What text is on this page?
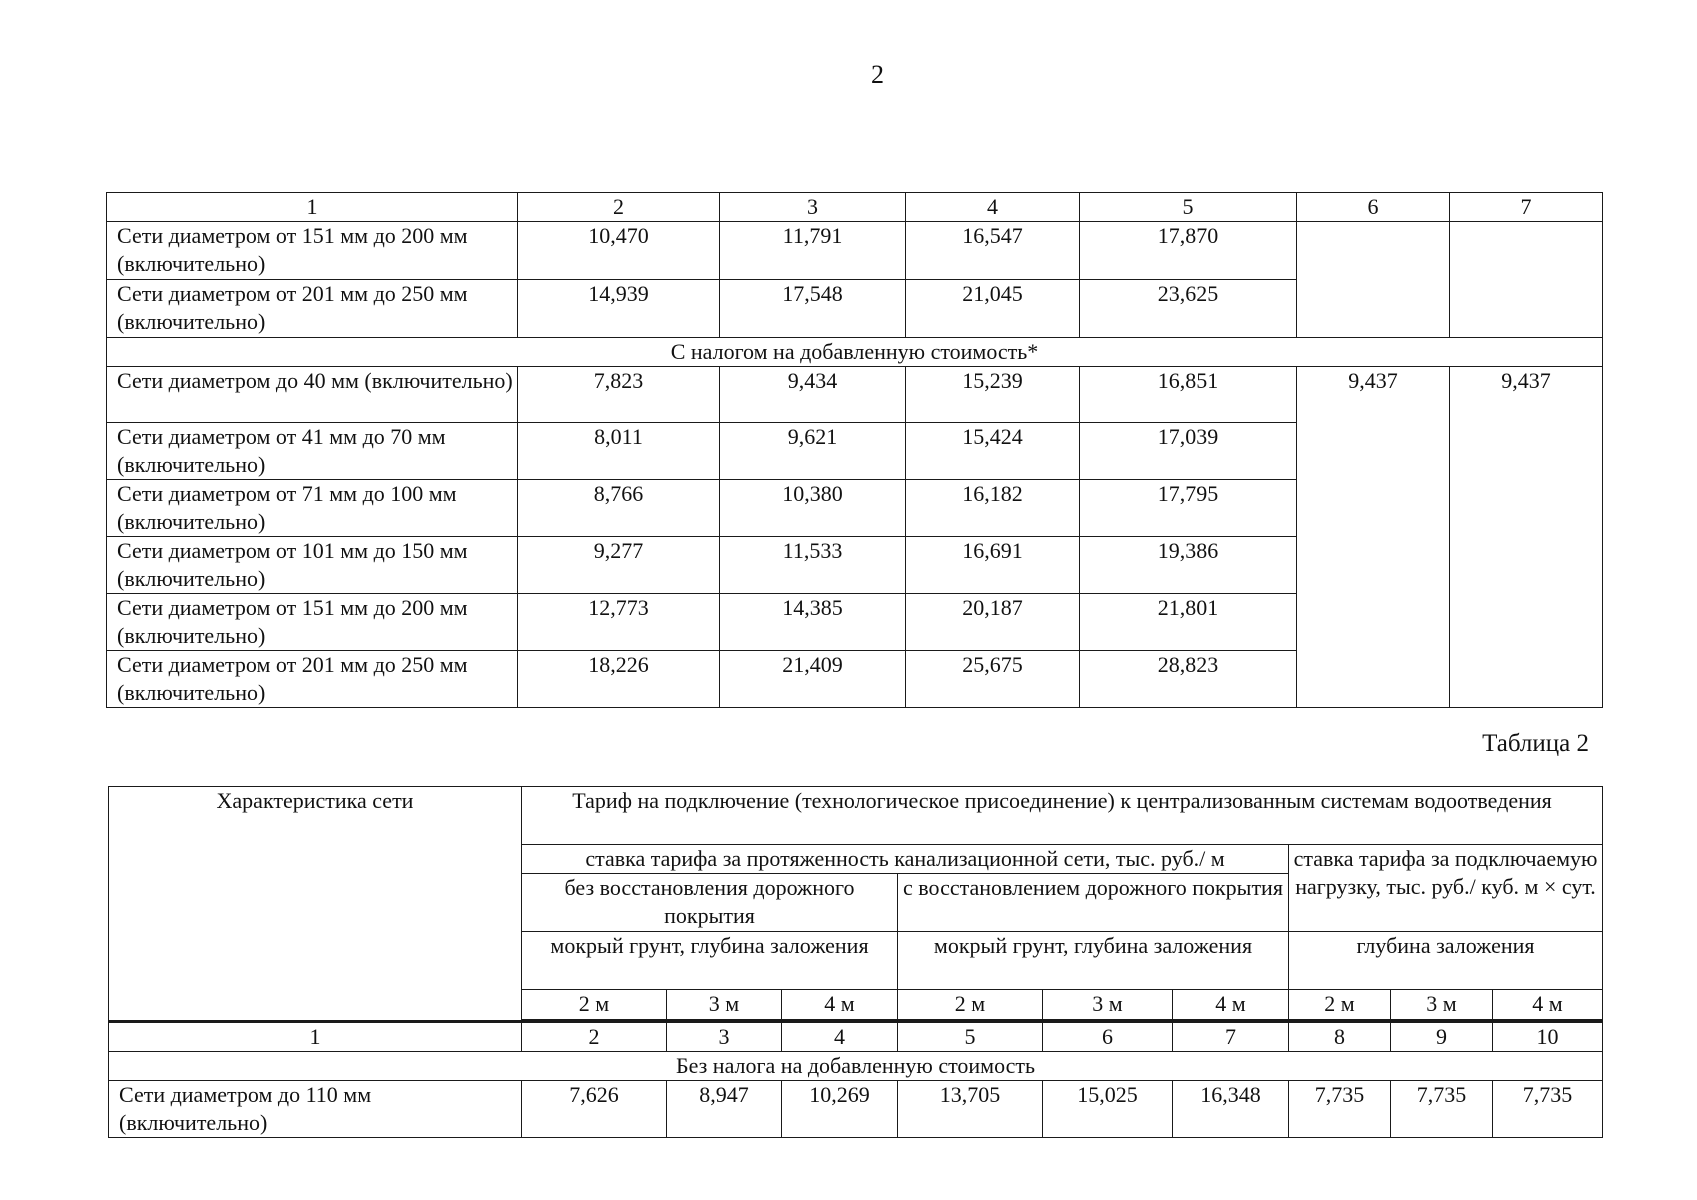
2
1	2	3	4	5	6	7
Сети диаметром от 151 мм до 200 мм (включительно)	10,470	11,791	16,547	17,870		
Сети диаметром от 201 мм до 250 мм (включительно)	14,939	17,548	21,045	23,625		
С налогом на добавленную стоимость*						
Сети диаметром до 40 мм (включительно)	7,823	9,434	15,239	16,851	9,437	9,437
Сети диаметром от 41 мм до 70 мм (включительно)	8,011	9,621	15,424	17,039		
Сети диаметром от 71 мм до 100 мм (включительно)	8,766	10,380	16,182	17,795		
Сети диаметром от 101 мм до 150 мм (включительно)	9,277	11,533	16,691	19,386		
Сети диаметром от 151 мм до 200 мм (включительно)	12,773	14,385	20,187	21,801		
Сети диаметром от 201 мм до 250 мм (включительно)	18,226	21,409	25,675	28,823		
Таблица 2
Характеристика сети	Тариф на подключение (технологическое присоединение) к централизованным системам водоотведения								
	ставка тарифа за протяженность канализационной сети, тыс. руб./ м						ставка тарифа за подключаемую нагрузку, тыс. руб./ куб. м × сут.		
	без восстановления дорожного покрытия			с восстановлением дорожного покрытия					
	мокрый грунт, глубина заложения			мокрый грунт, глубина заложения			глубина заложения		
	2 м	3 м	4 м	2 м	3 м	4 м	2 м	3 м	4 м

1	2	3	4	5	6	7	8	9	10
Без налога на добавленную стоимость									
Сети диаметром до 110 мм (включительно)	7,626	8,947	10,269	13,705	15,025	16,348	7,735	7,735	7,735
